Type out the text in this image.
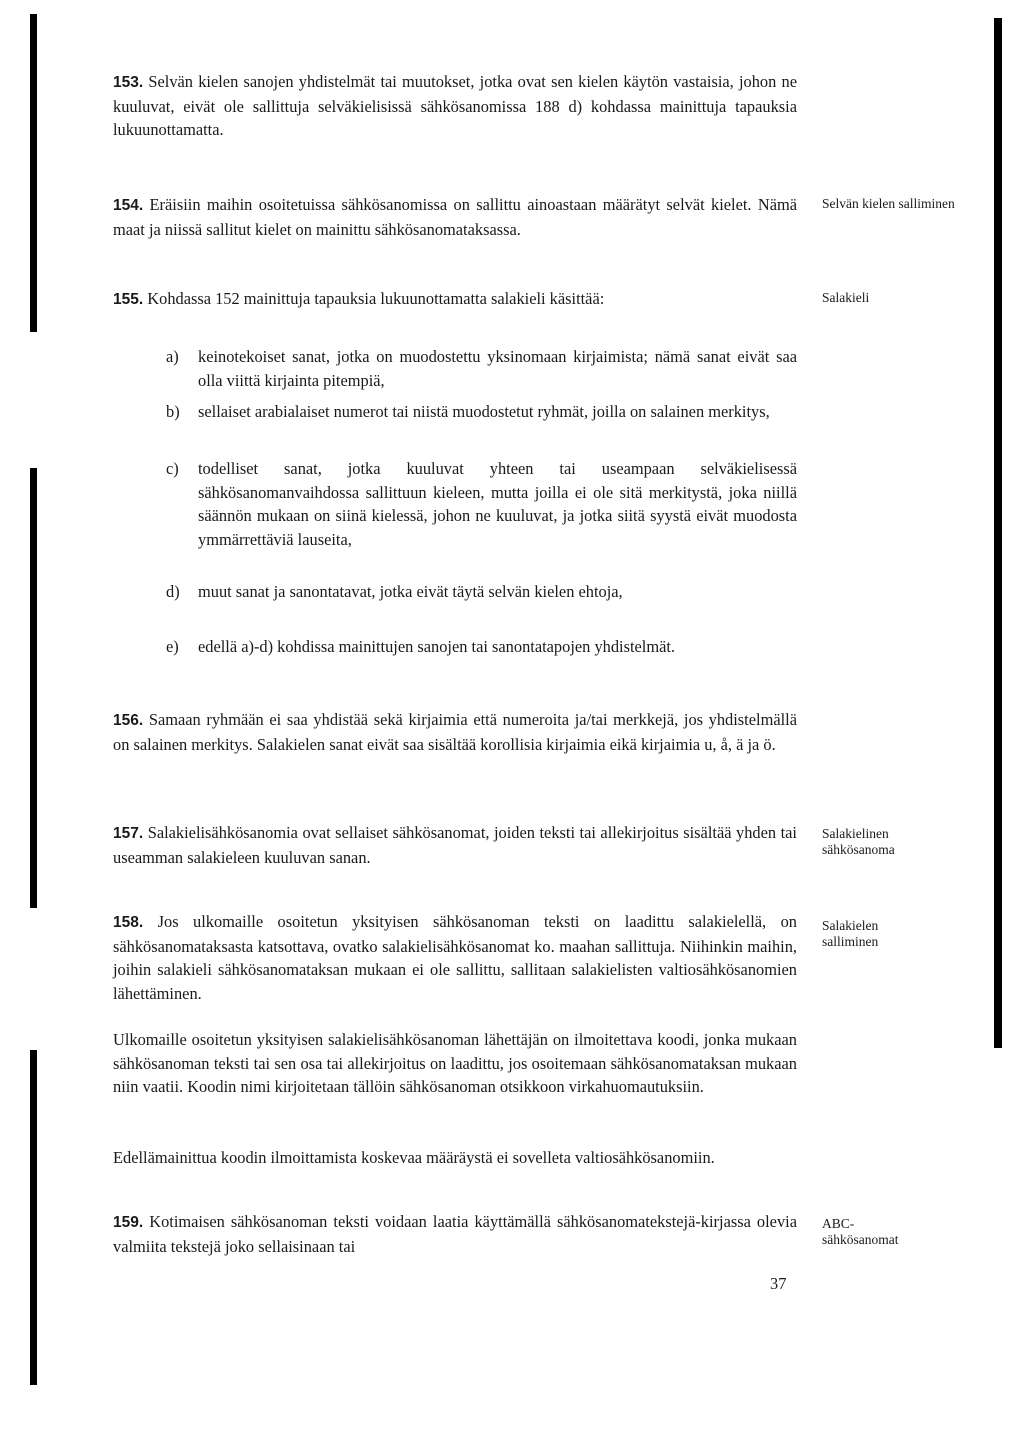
153. Selvän kielen sanojen yhdistelmät tai muutokset, jotka ovat sen kielen käytön vastaisia, johon ne kuuluvat, eivät ole sallittuja selväkielisissä sähkösanomissa 188 d) kohdassa mainittuja tapauksia lukuunottamatta.

154. Eräisiin maihin osoitetuissa sähkösanomissa on sallittu ainoastaan määrätyt selvät kielet. Nämä maat ja niissä sallitut kielet on mainittu sähkösanomataksassa.

Selvän kielen sallimіnen

155. Kohdassa 152 mainittuja tapauksia lukuunottamatta salakieli käsittää:	Salakieli
a) keinotekoiset sanat, jotka on muodostettu yksinomaan kirjaimista; nämä sanat eivät saa olla viittä kirjainta pitempiä,
b) sellaiset arabialaiset numerot tai niistä muodostetut ryhmät, joilla on salainen merkitys,
c) todelliset sanat, jotka kuuluvat yhteen tai useampaan selväkielisessä sähkösanomanvaihdossa sallittuun kieleen, mutta joilla ei ole sitä merkitystä, joka niillä säännön mukaan on siinä kielessä, johon ne kuuluvat, ja jotka siitä syystä eivät muodosta ymmärrettäviä lauseita,
d) muut sanat ja sanontatavat, jotka eivät täytä selvän kielen ehtoja,
e) edellä a)-d) kohdissa mainittujen sanojen tai sanontatapojen yhdistelmät.

156. Samaan ryhmään ei saa yhdistää sekä kirjaimia että numeroita ja/tai merkkejä, jos yhdistelmällä on salainen merkitys. Salakielen sanat eivät saa sisältää korollisia kirjaimia eikä kirjaimia u, å, ä ja ö.

157. Salakielisähkösanomia ovat sellaiset sähkösanomat, joiden teksti tai allekirjoitus sisältää yhden tai useamman salakieleen kuuluvan sanan.

Salakielinen sähkösanoma

158. Jos ulkomaille osoitetun yksityisen sähkösanoman teksti on laadittu salakielellä, on sähkösanomataksasta katsottava, ovatko salakielisähkösanomat ko. maahan sallittuja. Niihinkin maihin, joihin salakieli sähkösanomataksan mukaan ei ole sallittu, sallitaan salakielisten valtiosähkösanomien lähettäminen.

Salakielen salliminen

Ulkomaille osoitetun yksityisen salakielisähkösanoman lähettäjän on ilmoitettava koodi, jonka mukaan sähkösanoman teksti tai sen osa tai allekirjoitus on laadittu, jos osoitemaan sähkösanomataksan mukaan niin vaatii. Koodin nimi kirjoitetaan tällöin sähkösanoman otsikkoon virkahuomautuksiin.

Edellämainittua koodin ilmoittamista koskevaa määräystä ei sovelleta valtiosähkösanomiin.

159. Kotimaisen sähkösanoman teksti voidaan laatia käyttämällä sähkösanomatekstejä-kirjassa olevia valmiita tekstejä joko sellaisinaan tai

ABC-sähkösanomat
37
